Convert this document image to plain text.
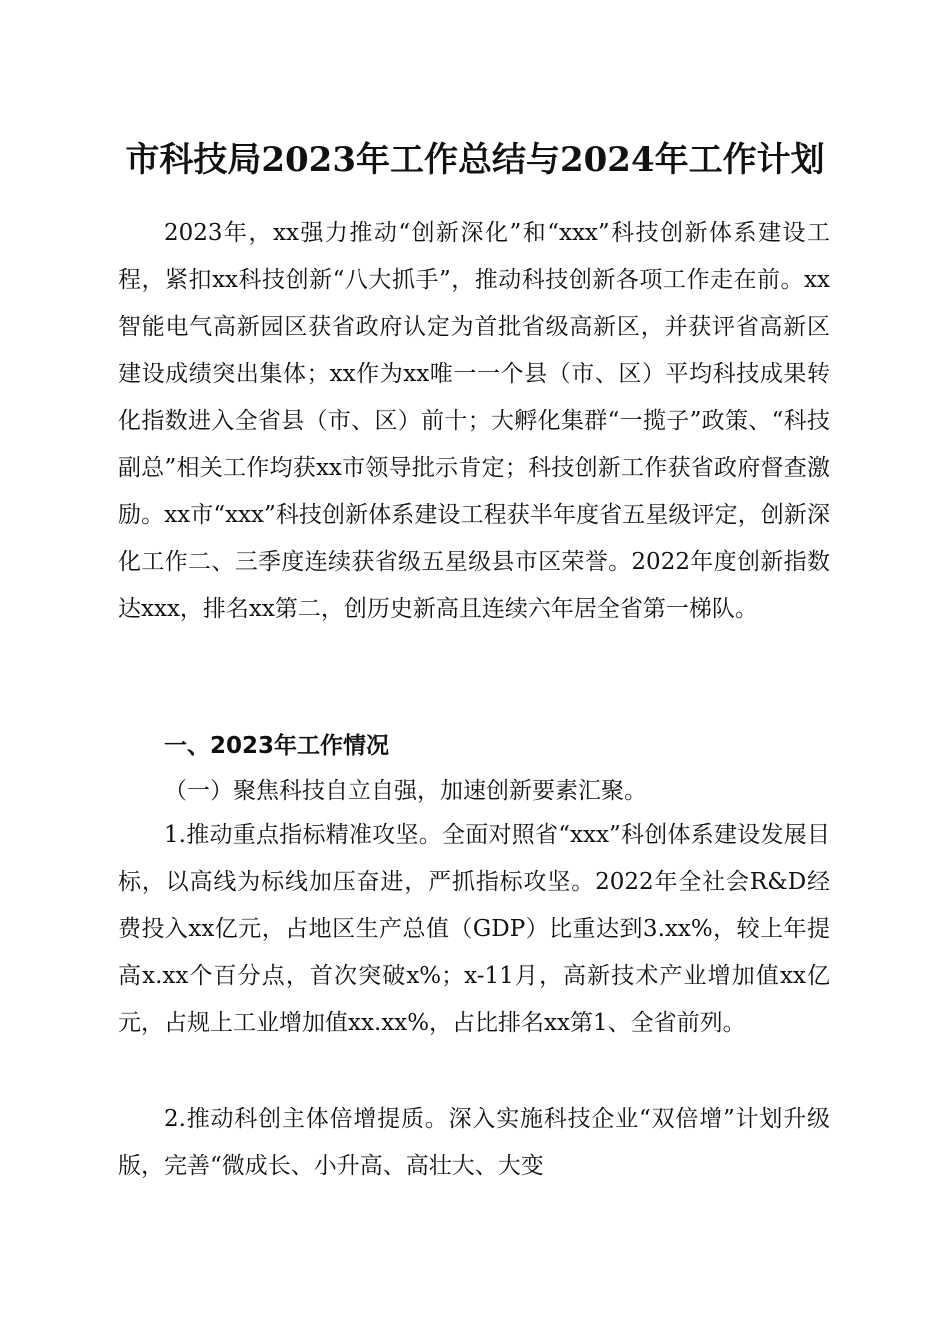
市科技局2023年工作总结与2024年工作计划
2023年，xx强力推动“创新深化”和“xxx”科技创新体系建设工程，紧扣xx科技创新“八大抓手”，推动科技创新各项工作走在前。xx智能电气高新园区获省政府认定为首批省级高新区，并获评省高新区建设成绩突出集体；xx作为xx唯一一个县（市、区）平均科技成果转化指数进入全省县（市、区）前十；大孵化集群“一揽子”政策、“科技副总”相关工作均获xx市领导批示肯定；科技创新工作获省政府督查激励。xx市“xxx”科技创新体系建设工程获半年度省五星级评定，创新深化工作二、三季度连续获省级五星级县市区荣誉。2022年度创新指数达xxx，排名xx第二，创历史新高且连续六年居全省第一梯队。
一、2023年工作情况
（一）聚焦科技自立自强，加速创新要素汇聚。
1.推动重点指标精准攻坚。全面对照省“xxx”科创体系建设发展目标，以高线为标线加压奋进，严抓指标攻坚。2022年全社会R&D经费投入xx亿元，占地区生产总值（GDP）比重达到3.xx%，较上年提高x.xx个百分点，首次突破x%；x-11月，高新技术产业增加值xx亿元，占规上工业增加值xx.xx%，占比排名xx第1、全省前列。
2.推动科创主体倍增提质。深入实施科技企业“双倍增”计划升级版，完善“微成长、小升高、高壮大、大变
